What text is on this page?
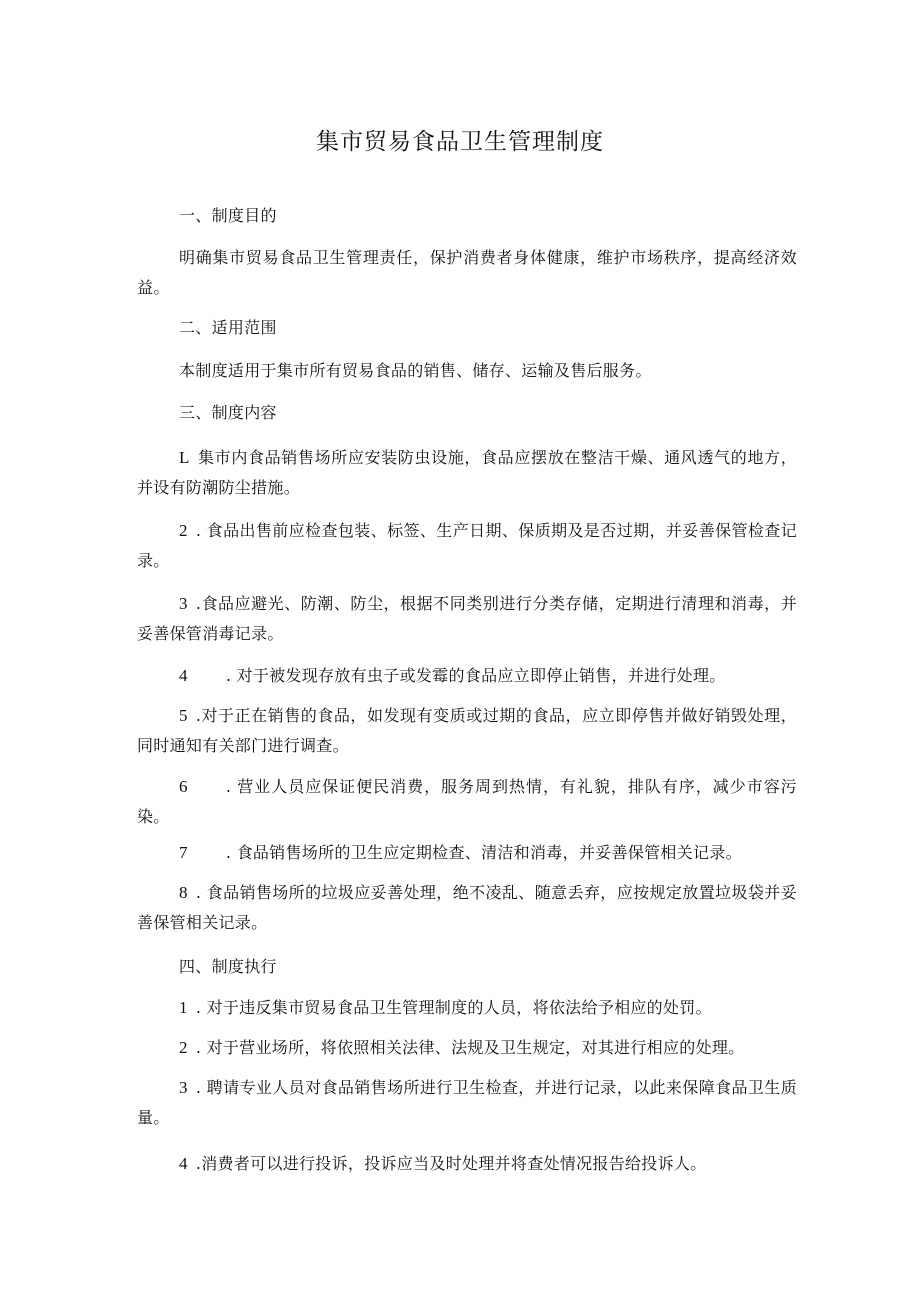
集市贸易食品卫生管理制度

一、制度目的

明确集市贸易食品卫生管理责任，保护消费者身体健康，维护市场秩序，提高经济效益。

二、适用范围

本制度适用于集市所有贸易食品的销售、储存、运输及售后服务。

三、制度内容

L 集市内食品销售场所应安装防虫设施，食品应摆放在整洁干燥、通风透气的地方，并设有防潮防尘措施。

2 . 食品出售前应检查包装、标签、生产日期、保质期及是否过期，并妥善保管检查记录。

3 .食品应避光、防潮、防尘，根据不同类别进行分类存储，定期进行清理和消毒，并妥善保管消毒记录。

4 . 对于被发现存放有虫子或发霉的食品应立即停止销售，并进行处理。

5 .对于正在销售的食品，如发现有变质或过期的食品，应立即停售并做好销毁处理，同时通知有关部门进行调查。

6 . 营业人员应保证便民消费，服务周到热情，有礼貌，排队有序，减少市容污染。

7 . 食品销售场所的卫生应定期检查、清洁和消毒，并妥善保管相关记录。

8 . 食品销售场所的垃圾应妥善处理，绝不凌乱、随意丢弃，应按规定放置垃圾袋并妥善保管相关记录。

四、制度执行

1 . 对于违反集市贸易食品卫生管理制度的人员，将依法给予相应的处罚。

2 . 对于营业场所，将依照相关法律、法规及卫生规定，对其进行相应的处理。

3 . 聘请专业人员对食品销售场所进行卫生检查，并进行记录，以此来保障食品卫生质量。

4 .消费者可以进行投诉，投诉应当及时处理并将查处情况报告给投诉人。
